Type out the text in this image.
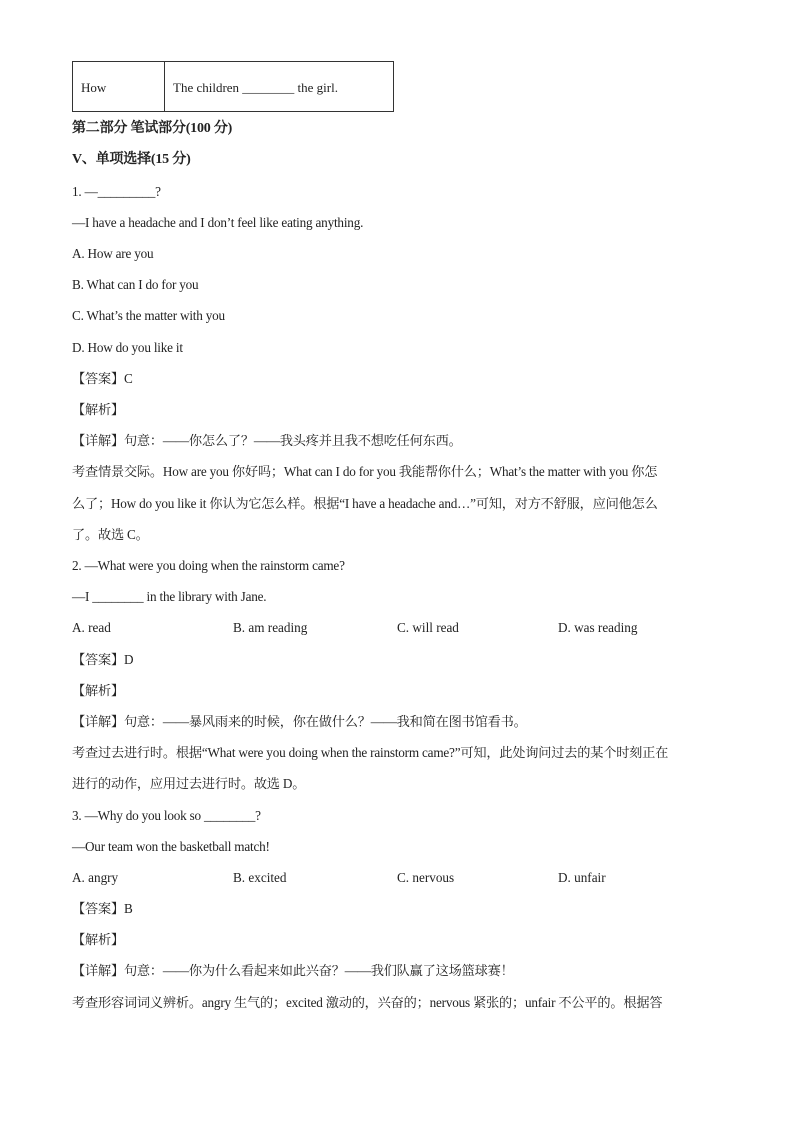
How	The children ________ the girl.
第二部分 笔试部分(100 分)
V、单项选择(15 分)
1. —_________?
—I have a headache and I don’t feel like eating anything.
A. How are you
B. What can I do for you
C. What’s the matter with you
D. How do you like it
【答案】C
【解析】
【详解】句意：——你怎么了？——我头疼并且我不想吃任何东西。
考查情景交际。How are you 你好吗；What can I do for you 我能帮你什么；What’s the matter with you 你怎
么了；How do you like it 你认为它怎么样。根据“I have a headache and…”可知，对方不舒服，应问他怎么
了。故选 C。
2. —What were you doing when the rainstorm came?
—I ________ in the library with Jane.
A. read	B. am reading	C. will read	D. was reading
【答案】D
【解析】
【详解】句意：——暴风雨来的时候，你在做什么？——我和简在图书馆看书。
考查过去进行时。根据“What were you doing when the rainstorm came?”可知，此处询问过去的某个时刻正在
进行的动作，应用过去进行时。故选 D。
3. —Why do you look so ________?
—Our team won the basketball match!
A. angry	B. excited	C. nervous	D. unfair
【答案】B
【解析】
【详解】句意：——你为什么看起来如此兴奋？——我们队赢了这场篮球赛！
考查形容词词义辨析。angry 生气的；excited 激动的，兴奋的；nervous 紧张的；unfair 不公平的。根据答
